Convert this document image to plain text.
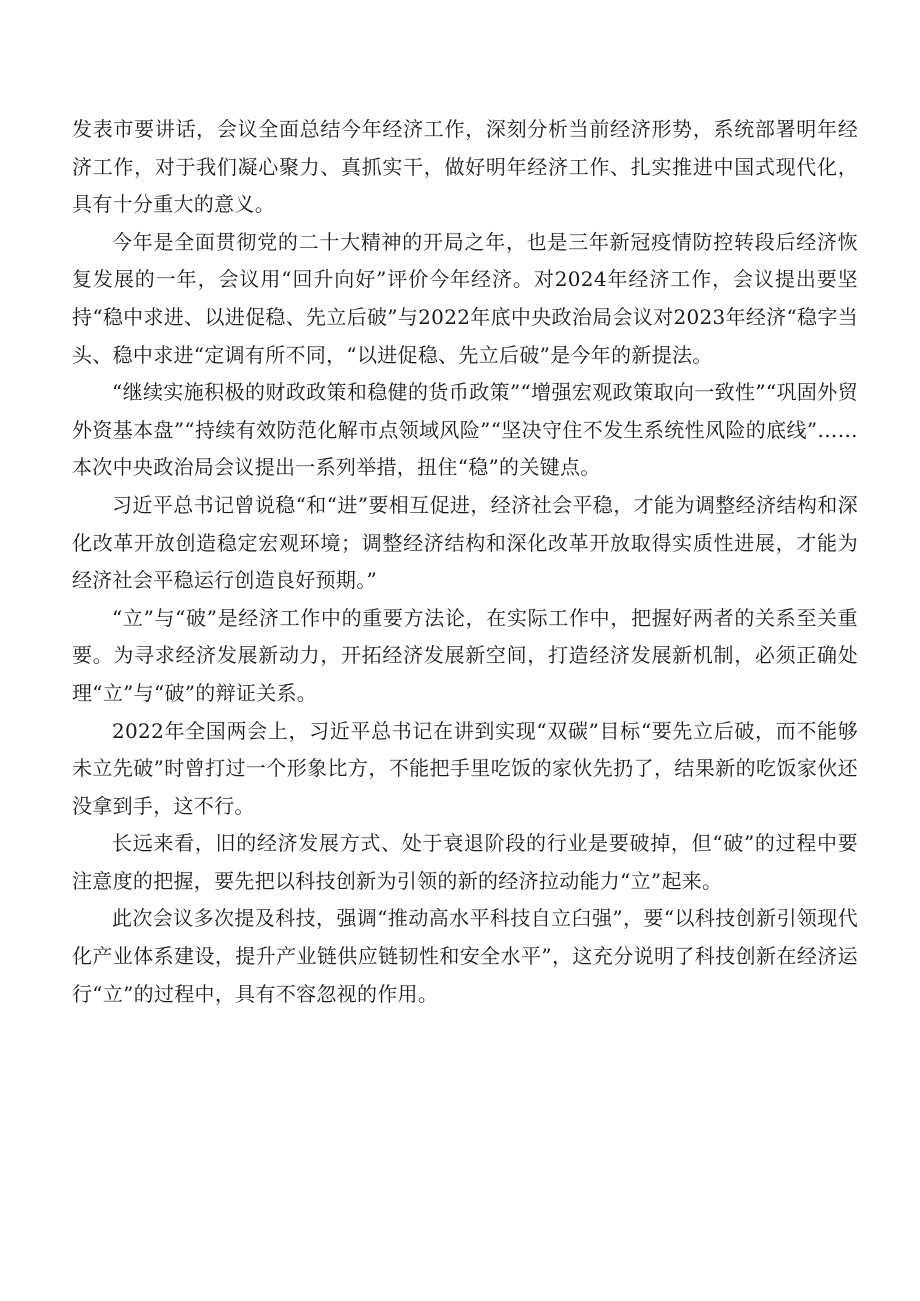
发表市要讲话，会议全面总结今年经济工作，深刻分析当前经济形势，系统部署明年经济工作，对于我们凝心聚力、真抓实干，做好明年经济工作、扎实推进中国式现代化，具有十分重大的意义。

今年是全面贯彻党的二十大精神的开局之年，也是三年新冠疫情防控转段后经济恢复发展的一年，会议用“回升向好”评价今年经济。对2024年经济工作，会议提出要坚持“稳中求进、以进促稳、先立后破”与2022年底中央政治局会议对2023年经济“稳字当头、稳中求进“定调有所不同，“以进促稳、先立后破”是今年的新提法。

“继续实施积极的财政政策和稳健的货币政策”“增强宏观政策取向一致性”“巩固外贸外资基本盘”“持续有效防范化解市点领域风险”“坚决守住不发生系统性风险的底线”……本次中央政治局会议提出一系列举措，扭住“稳”的关键点。

习近平总书记曾说稳“和“进”要相互促进，经济社会平稳，才能为调整经济结构和深化改革开放创造稳定宏观环境；调整经济结构和深化改革开放取得实质性进展，才能为经济社会平稳运行创造良好预期。”

“立”与“破”是经济工作中的重要方法论，在实际工作中，把握好两者的关系至关重要。为寻求经济发展新动力，开拓经济发展新空间，打造经济发展新机制，必须正确处理“立”与“破”的辩证关系。

2022年全国两会上，习近平总书记在讲到实现“双碳”目标“要先立后破，而不能够未立先破”时曾打过一个形象比方，不能把手里吃饭的家伙先扔了，结果新的吃饭家伙还没拿到手，这不行。

长远来看，旧的经济发展方式、处于衰退阶段的行业是要破掉，但“破”的过程中要注意度的把握，要先把以科技创新为引领的新的经济拉动能力“立”起来。

此次会议多次提及科技，强调“推动高水平科技自立臼强”，要“以科技创新引领现代化产业体系建设，提升产业链供应链韧性和安全水平”，这充分说明了科技创新在经济运行“立”的过程中，具有不容忽视的作用。
